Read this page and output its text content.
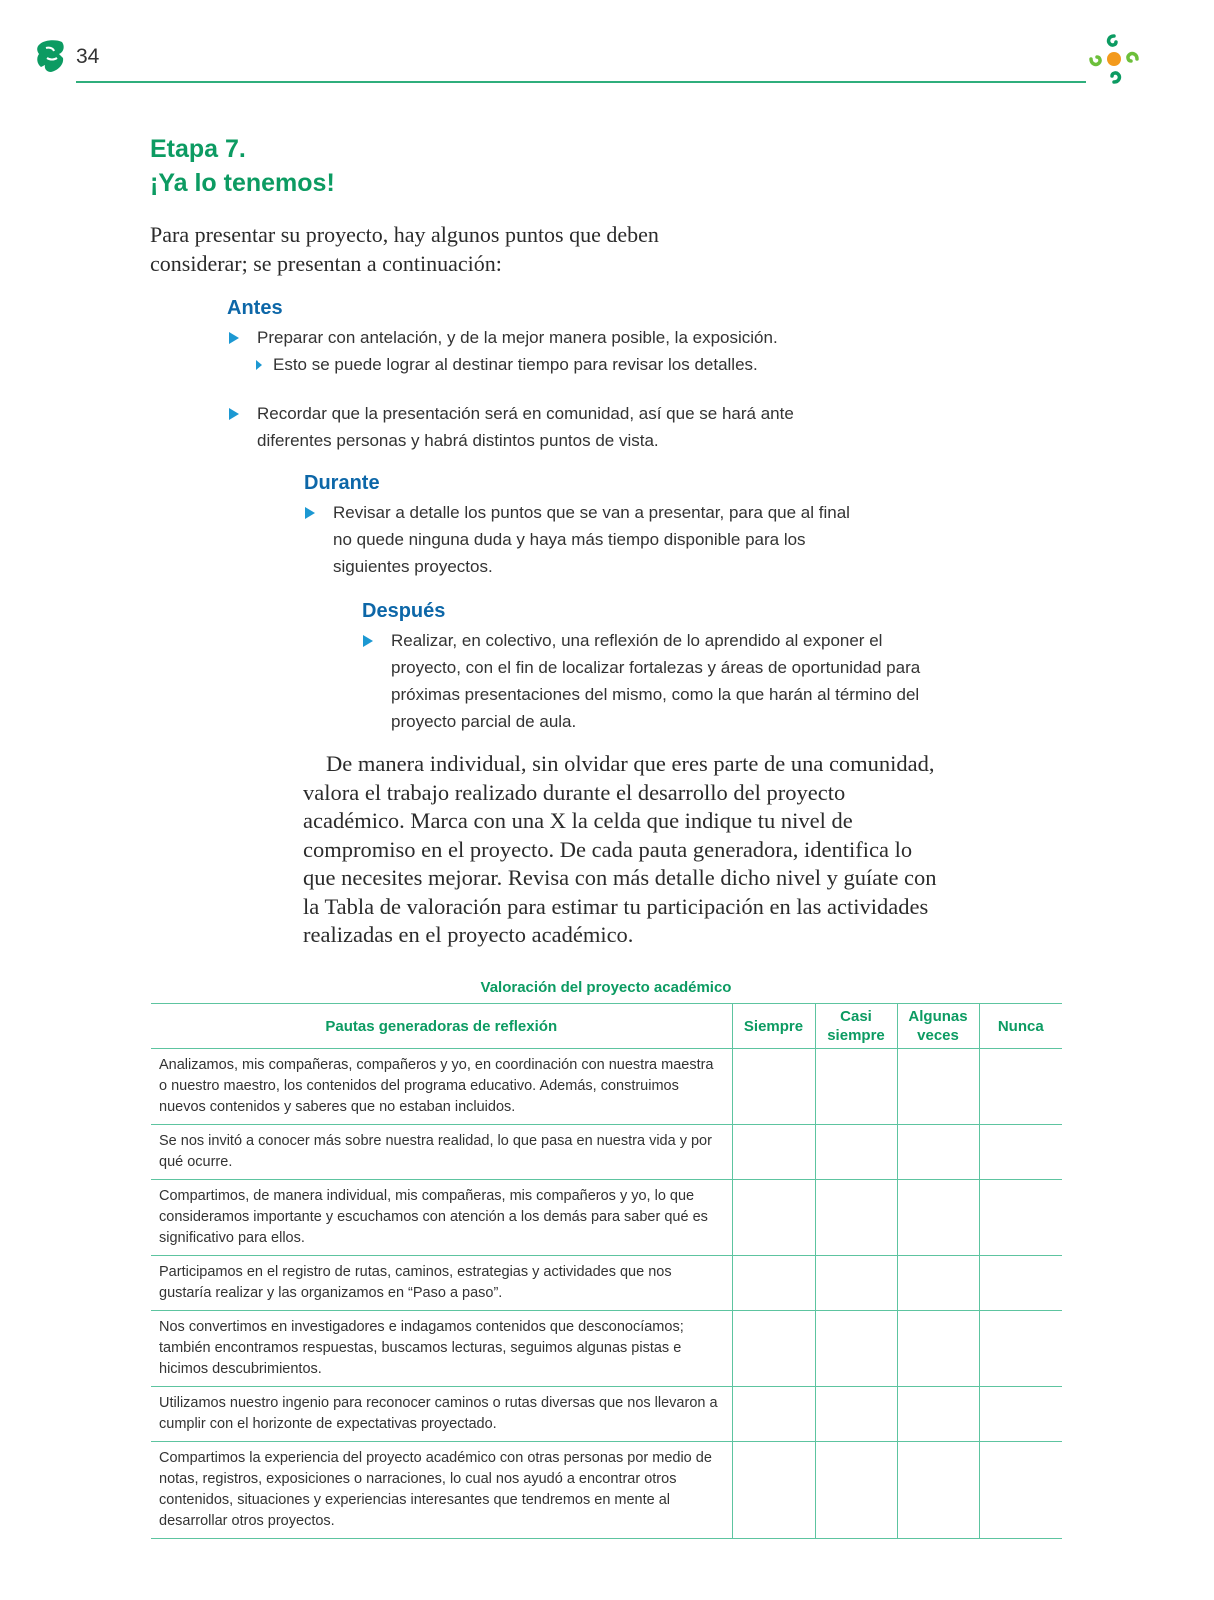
34
Etapa 7.
¡Ya lo tenemos!

Para presentar su proyecto, hay algunos puntos que deben considerar; se presentan a continuación:

Antes

Preparar con antelación, y de la mejor manera posible, la exposición.

Esto se puede lograr al destinar tiempo para revisar los detalles.

Recordar que la presentación será en comunidad, así que se hará ante diferentes personas y habrá distintos puntos de vista.

Durante

Revisar a detalle los puntos que se van a presentar, para que al final no quede ninguna duda y haya más tiempo disponible para los siguientes proyectos.

Después

Realizar, en colectivo, una reflexión de lo aprendido al exponer el proyecto, con el fin de localizar fortalezas y áreas de oportunidad para próximas presentaciones del mismo, como la que harán al término del proyecto parcial de aula.

De manera individual, sin olvidar que eres parte de una comunidad, valora el trabajo realizado durante el desarrollo del proyecto académico. Marca con una X la celda que indique tu nivel de compromiso en el proyecto. De cada pauta generadora, identifica lo que necesites mejorar. Revisa con más detalle dicho nivel y guíate con la Tabla de valoración para estimar tu participación en las actividades realizadas en el proyecto académico.

Valoración del proyecto académico
Pautas generadoras de reflexión	Siempre	Casi siempre	Algunas veces	Nunca
Analizamos, mis compañeras, compañeros y yo, en coordinación con nuestra maestra o nuestro maestro, los contenidos del programa educativo. Además, construimos nuevos contenidos y saberes que no estaban incluidos.				
Se nos invitó a conocer más sobre nuestra realidad, lo que pasa en nuestra vida y por qué ocurre.				
Compartimos, de manera individual, mis compañeras, mis compañeros y yo, lo que consideramos importante y escuchamos con atención a los demás para saber qué es significativo para ellos.				
Participamos en el registro de rutas, caminos, estrategias y actividades que nos gustaría realizar y las organizamos en “Paso a paso”.				
Nos convertimos en investigadores e indagamos contenidos que desconocíamos; también encontramos respuestas, buscamos lecturas, seguimos algunas pistas e hicimos descubrimientos.				
Utilizamos nuestro ingenio para reconocer caminos o rutas diversas que nos llevaron a cumplir con el horizonte de expectativas proyectado.				
Compartimos la experiencia del proyecto académico con otras personas por medio de notas, registros, exposiciones o narraciones, lo cual nos ayudó a encontrar otros contenidos, situaciones y experiencias interesantes que tendremos en mente al desarrollar otros proyectos.				
